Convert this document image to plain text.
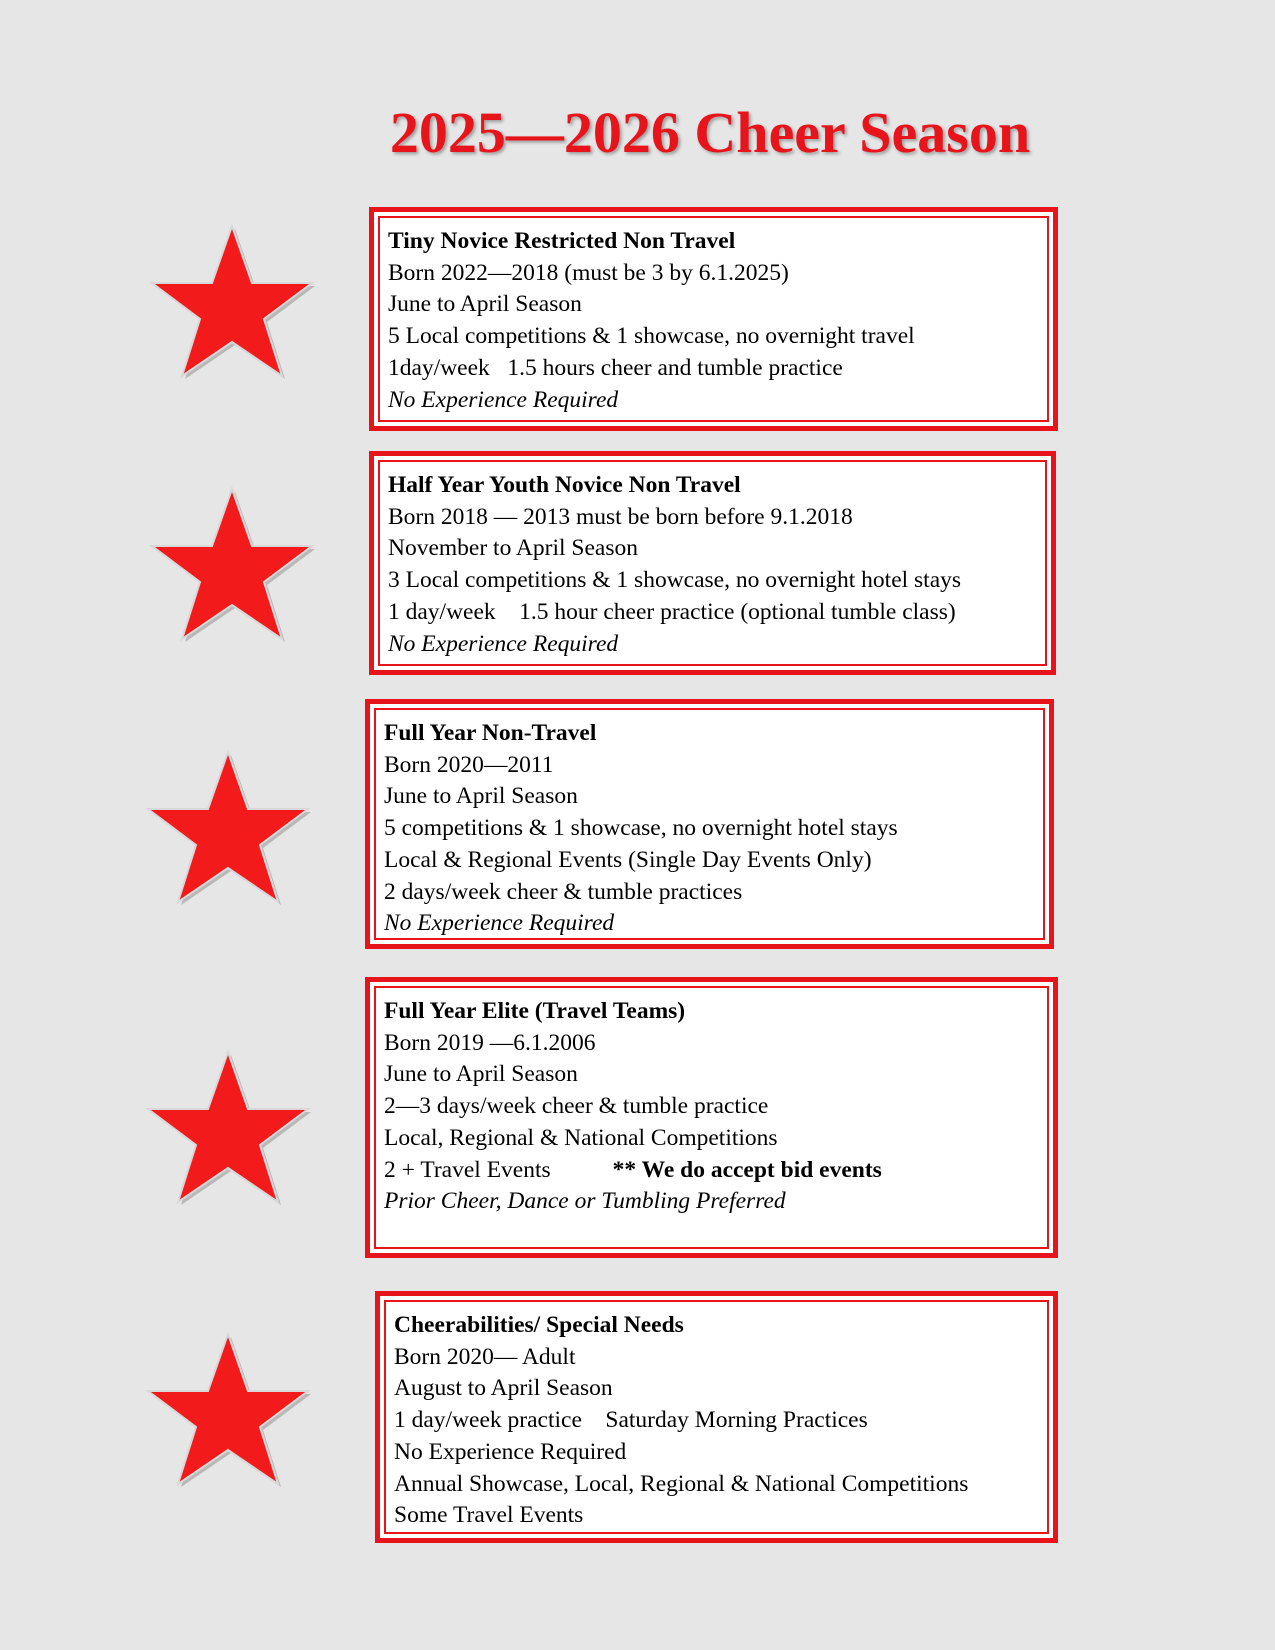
2025—2026 Cheer Season
Tiny Novice Restricted Non Travel
Born 2022—2018 (must be 3 by 6.1.2025)
June to April Season
5 Local competitions & 1 showcase, no overnight travel
1day/week   1.5 hours cheer and tumble practice
No Experience Required
Half Year Youth Novice Non Travel
Born 2018 — 2013 must be born before 9.1.2018
November to April Season
3 Local competitions & 1 showcase, no overnight hotel stays
1 day/week    1.5 hour cheer practice (optional tumble class)
No Experience Required
Full Year Non-Travel
Born 2020—2011
June to April Season
5 competitions & 1 showcase, no overnight hotel stays
Local & Regional Events (Single Day Events Only)
2 days/week cheer & tumble practices
No Experience Required
Full Year Elite (Travel Teams)
Born 2019 —6.1.2006
June to April Season
2—3 days/week cheer & tumble practice
Local, Regional & National Competitions
2 + Travel Events	** We do accept bid events
Prior Cheer, Dance or Tumbling Preferred
Cheerabilities/ Special Needs
Born 2020— Adult
August to April Season
1 day/week practice    Saturday Morning Practices
No Experience Required
Annual Showcase, Local, Regional & National Competitions
Some Travel Events
